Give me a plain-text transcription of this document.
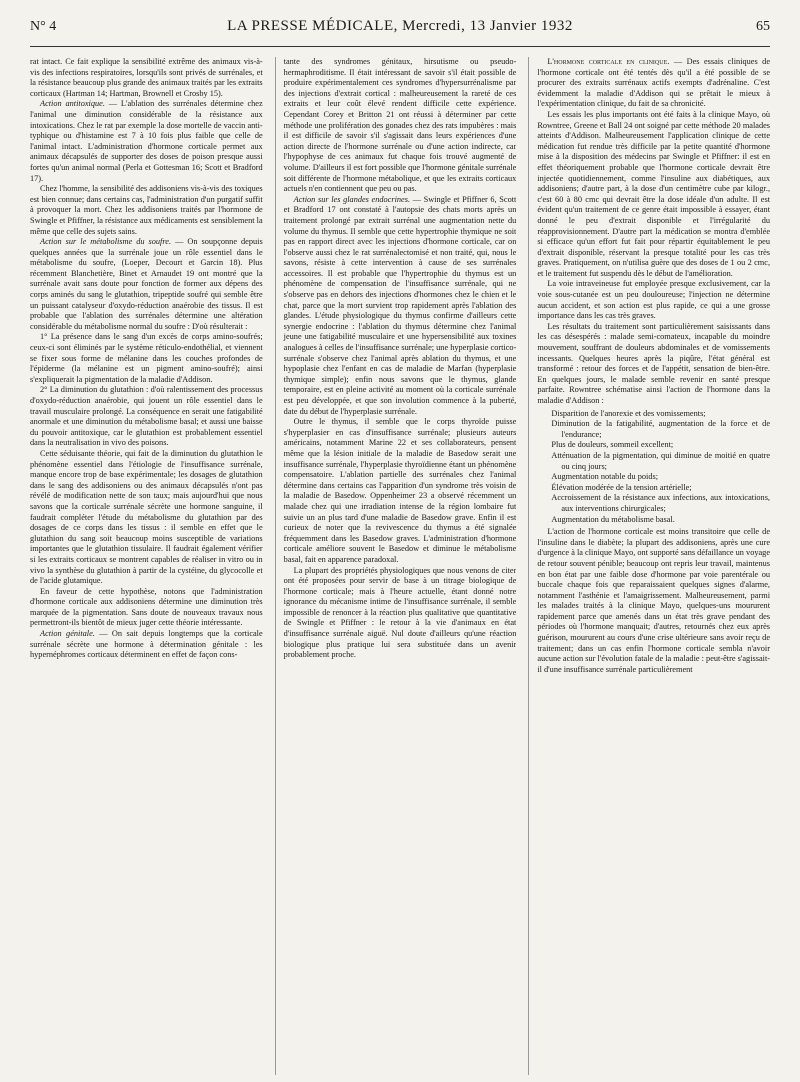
N° 4	LA PRESSE MÉDICALE, Mercredi, 13 Janvier 1932	65

rat intact. Ce fait explique la sensibilité extrême des animaux vis-à-vis des infections respiratoires, lorsqu'ils sont privés de surrénales, et la résistance beaucoup plus grande des animaux traités par les extraits corticaux (Hartman 14; Hartman, Brownell et Crosby 15).

Action antitoxique. — L'ablation des surrénales détermine chez l'animal une diminution considérable de la résistance aux intoxications. Chez le rat par exemple la dose mortelle de vaccin anti-typhique ou d'histamine est 7 à 10 fois plus faible que celle de l'animal intact. L'administration d'hormone corticale permet aux animaux décapsulés de supporter des doses de poison presque aussi fortes qu'un animal normal (Perla et Gottesman 16; Scott et Bradford 17).

Chez l'homme, la sensibilité des addisoniens vis-à-vis des toxiques est bien connue; dans certains cas, l'administration d'un purgatif suffit à provoquer la mort. Chez les addisoniens traités par l'hormone de Swingle et Pfiffner, la résistance aux médicaments est sensiblement la même que celle des sujets sains.

Action sur le métabolisme du soufre. — On soupçonne depuis quelques années que la surrénale joue un rôle essentiel dans le métabolisme du soufre, (Loeper, Decourt et Garcin 18). Plus récemment Blanchetière, Binet et Arnaudet 19 ont montré que la surrénale avait sans doute pour fonction de former aux dépens des corps aminés du sang le glutathion, tripeptide soufré qui semble être un puissant catalyseur d'oxydo-réduction anaérobie des tissus. Il est probable que l'ablation des surrénales détermine une altération considérable du métabolisme normal du soufre : D'où résulterait :

1° La présence dans le sang d'un excès de corps amino-soufrés; ceux-ci sont éliminés par le système réticulo-endothélial, et viennent se fixer sous forme de mélanine dans les couches profondes de l'épiderme (la mélanine est un pigment amino-soufré); ainsi s'expliquerait la pigmentation de la maladie d'Addison.

2° La diminution du glutathion : d'où ralentissement des processus d'oxydo-réduction anaérobie, qui jouent un rôle essentiel dans le travail musculaire prolongé. La conséquence en serait une fatigabilité anormale et une diminution du métabolisme basal; et aussi une baisse du pouvoir antitoxique, car le glutathion est probablement essentiel dans la neutralisation in vivo des poisons.

Cette séduisante théorie, qui fait de la diminution du glutathion le phénomène essentiel dans l'étiologie de l'insuffisance surrénale, manque encore trop de base expérimentale; les dosages de glutathion dans le sang des addisoniens ou des animaux décapsulés n'ont pas révélé de modification nette de son taux; mais aujourd'hui que nous savons que la corticale surrénale sécrète une hormone sanguine, il faudrait compléter l'étude du métabolisme du glutathion par des dosages de ce corps dans les tissus : il semble en effet que le glutathion du sang soit beaucoup moins susceptible de variations importantes que le glutathion tissulaire. Il faudrait également vérifier si les extraits corticaux se montrent capables de réaliser in vitro ou in vivo la synthèse du glutathion à partir de la cystéine, du glycocolle et de l'acide glutamique.

En faveur de cette hypothèse, notons que l'administration d'hormone corticale aux addisoniens détermine une diminution très marquée de la pigmentation. Sans doute de nouveaux travaux nous permettront-ils bientôt de mieux juger cette théorie intéressante.

Action génitale. — On sait depuis longtemps que la corticale surrénale sécrète une hormone à détermination génitale : les hypernéphromes corticaux déterminent en effet de façon cons-

tante des syndromes génitaux, hirsutisme ou pseudo-hermaphroditisme. Il était intéressant de savoir s'il était possible de produire expérimentalement ces syndromes d'hypersurrénalisme par des injections d'extrait cortical : malheureusement la rareté de ces extraits et leur coût élevé rendent difficile cette expérience. Cependant Corey et Britton 21 ont réussi à déterminer par cette méthode une prolifération des gonades chez des rats impubères : mais il est difficile de savoir s'il s'agissait dans leurs expériences d'une action directe de l'hormone surrénale ou d'une action indirecte, car l'hypophyse de ces animaux fut chaque fois trouvé augmenté de volume. D'ailleurs il est fort possible que l'hormone génitale surrénale soit différente de l'hormone métabolique, et que les extraits corticaux actuels n'en contiennent que peu ou pas.

Action sur les glandes endocrines. — Swingle et Pfiffner 6, Scott et Bradford 17 ont constaté à l'autopsie des chats morts après un traitement prolongé par extrait surrénal une augmentation nette du volume du thymus. Il semble que cette hypertrophie thymique ne soit pas en rapport direct avec les injections d'hormone corticale, car on l'observe aussi chez le rat surrénalectomisé et non traité, qui, nous le savons, résiste à cette intervention à cause de ses surrénales accessoires. Il est probable que l'hypertrophie du thymus est un phénomène de compensation de l'insuffisance surrénale, qui ne s'observe pas en dehors des injections d'hormones chez le chien et le chat, parce que la mort survient trop rapidement après l'ablation des glandes. L'étude physiologique du thymus confirme d'ailleurs cette synergie endocrine : l'ablation du thymus détermine chez l'animal jeune une fatigabilité musculaire et une hypersensibilité aux toxines analogues à celles de l'insuffisance surrénale; une hyperplasie cortico-surrénale s'observe chez l'animal après ablation du thymus, et une hypoplasie chez l'enfant en cas de maladie de Marfan (hyperplasie thymique simple); enfin nous savons que le thymus, glande temporaire, est en pleine activité au moment où la corticale surrénale est peu développée, et que son involution commence à la puberté, date du début de l'hyperplasie surrénale.

Outre le thymus, il semble que le corps thyroïde puisse s'hyperplasier en cas d'insuffisance surrénale; plusieurs auteurs américains, notamment Marine 22 et ses collaborateurs, pensent même que la lésion initiale de la maladie de Basedow serait une insuffisance surrénale, l'hyperplasie thyroïdienne étant un phénomène compensatoire. L'ablation partielle des surrénales chez l'animal détermine dans certains cas l'apparition d'un syndrome très voisin de la maladie de Basedow. Oppenheimer 23 a observé récemment un malade chez qui une irradiation intense de la région lombaire fut suivie un an plus tard d'une maladie de Basedow grave. Enfin il est curieux de noter que la revivescence du thymus a été signalée fréquemment dans les Basedow graves. L'administration d'hormone corticale améliore souvent le Basedow et diminue le métabolisme basal, fait en apparence paradoxal.

La plupart des propriétés physiologiques que nous venons de citer ont été proposées pour servir de base à un titrage biologique de l'hormone corticale; mais à l'heure actuelle, étant donné notre ignorance du mécanisme intime de l'insuffisance surrénale, il semble impossible de renoncer à la réaction plus qualitative que quantitative de Swingle et Pfiffner : le retour à la vie d'animaux en état d'insuffisance surrénale aiguë. Nul doute d'ailleurs qu'une réaction biologique plus pratique lui sera substituée dans un avenir probablement proche.

L'hormone corticale en clinique. — Des essais cliniques de l'hormone corticale ont été tentés dès qu'il a été possible de se procurer des extraits surrénaux actifs exempts d'adrénaline. C'est évidemment la maladie d'Addison qui se prêtait le mieux à l'expérimentation clinique, du fait de sa chronicité.

Les essais les plus importants ont été faits à la clinique Mayo, où Rowntree, Greene et Ball 24 ont soigné par cette méthode 20 malades atteints d'Addison. Malheureusement l'application clinique de cette médication fut rendue très difficile par la petite quantité d'hormone mise à la disposition des médecins par Swingle et Pfiffner: il est en effet théoriquement probable que l'hormone corticale devrait être injectée quotidiennement, comme l'insuline aux diabétiques, aux addisoniens; d'autre part, à la dose d'un centimètre cube par kilogr., c'est 60 à 80 cmc qui devrait être la dose idéale d'un adulte. Il est évident qu'un traitement de ce genre était impossible à essayer, étant donné le peu d'extrait disponible et l'irrégularité du réapprovisionnement. D'autre part la médication se montra d'emblée si efficace qu'un effort fut fait pour répartir équitablement le peu d'extrait disponible, réservant la presque totalité pour les cas très graves. Pratiquement, on n'utilisa guère que des doses de 1 ou 2 cmc, et le traitement fut suspendu dès le début de l'amélioration.

La voie intraveineuse fut employée presque exclusivement, car la voie sous-cutanée est un peu douloureuse; l'injection ne détermine aucun accident, et son action est plus rapide, ce qui a une grosse importance dans les cas très graves.

Les résultats du traitement sont particulièrement saisissants dans les cas désespérés : malade semi-comateux, incapable du moindre mouvement, souffrant de douleurs abdominales et de vomissements incessants. Quelques heures après la piqûre, l'état général est transformé : retour des forces et de l'appétit, sensation de bien-être. En quelques jours, le malade semble revenir en santé presque parfaite. Rowntree schématise ainsi l'action de l'hormone dans la maladie d'Addison :

Disparition de l'anorexie et des vomissements;
Diminution de la fatigabilité, augmentation de la force et de l'endurance;
Plus de douleurs, sommeil excellent;
Atténuation de la pigmentation, qui diminue de moitié en quatre ou cinq jours;
Augmentation notable du poids;
Élévation modérée de la tension artérielle;
Accroissement de la résistance aux infections, aux intoxications, aux interventions chirurgicales;
Augmentation du métabolisme basal.

L'action de l'hormone corticale est moins transitoire que celle de l'insuline dans le diabète; la plupart des addisoniens, après une cure d'urgence à la clinique Mayo, ont supporté sans défaillance un voyage de retour souvent pénible; beaucoup ont repris leur travail, maintenus en bon état par une faible dose d'hormone par voie parentérale ou buccale chaque fois que reparaissaient quelques signes d'alarme, notamment l'asthénie et l'amaigrissement. Malheureusement, parmi les malades traités à la clinique Mayo, quelques-uns moururent rapidement parce que amenés dans un état très grave pendant des périodes où l'hormone manquait; d'autres, retournés chez eux après guérison, moururent au cours d'une crise ultérieure sans avoir reçu de traitement; dans un cas enfin l'hormone corticale sembla n'avoir aucune action sur l'évolution fatale de la maladie : peut-être s'agissait-il d'une insuffisance surrénale particulièrement
